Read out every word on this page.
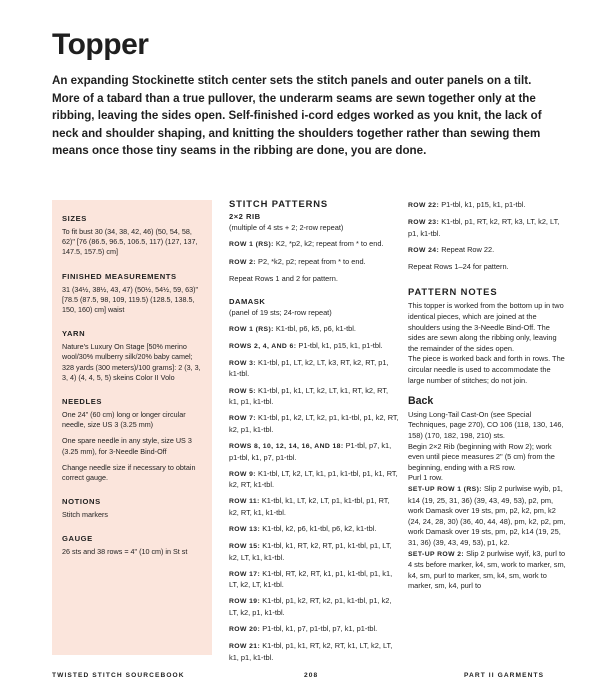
Topper
An expanding Stockinette stitch center sets the stitch panels and outer panels on a tilt. More of a tabard than a true pullover, the underarm seams are sewn together only at the ribbing, leaving the sides open. Self-finished i-cord edges worked as you knit, the lack of neck and shoulder shaping, and knitting the shoulders together rather than sewing them means once those tiny seams in the ribbing are done, you are done.
SIZES
To fit bust 30 (34, 38, 42, 46) (50, 54, 58, 62)" [76 (86.5, 96.5, 106.5, 117) (127, 137, 147.5, 157.5) cm]
FINISHED MEASUREMENTS
31 (34½, 38½, 43, 47) (50½, 54½, 59, 63)" [78.5 (87.5, 98, 109, 119.5) (128.5, 138.5, 150, 160) cm] waist
YARN
Nature's Luxury On Stage [50% merino wool/30% mulberry silk/20% baby camel; 328 yards (300 meters)/100 grams]: 2 (3, 3, 3, 4) (4, 4, 5, 5) skeins Color II Volo
NEEDLES
One 24" (60 cm) long or longer circular needle, size US 3 (3.25 mm)
One spare needle in any style, size US 3 (3.25 mm), for 3-Needle Bind-Off
Change needle size if necessary to obtain correct gauge.
NOTIONS
Stitch markers
GAUGE
26 sts and 38 rows = 4" (10 cm) in St st
STITCH PATTERNS
2×2 RIB
(multiple of 4 sts + 2; 2-row repeat)
ROW 1 (RS): K2, *p2, k2; repeat from * to end.
ROW 2: P2, *k2, p2; repeat from * to end.
Repeat Rows 1 and 2 for pattern.
DAMASK
(panel of 19 sts; 24-row repeat)
ROW 1 (RS): K1-tbl, p6, k5, p6, k1-tbl.
ROWS 2, 4, AND 6: P1-tbl, k1, p15, k1, p1-tbl.
ROW 3: K1-tbl, p1, LT, k2, LT, k3, RT, k2, RT, p1, k1-tbl.
ROW 5: K1-tbl, p1, k1, LT, k2, LT, k1, RT, k2, RT, k1, p1, k1-tbl.
ROW 7: K1-tbl, p1, k2, LT, k2, p1, k1-tbl, p1, k2, RT, k2, p1, k1-tbl.
ROWS 8, 10, 12, 14, 16, AND 18: P1-tbl, p7, k1, p1-tbl, k1, p7, p1-tbl.
ROW 9: K1-tbl, LT, k2, LT, k1, p1, k1-tbl, p1, k1, RT, k2, RT, k1-tbl.
ROW 11: K1-tbl, k1, LT, k2, LT, p1, k1-tbl, p1, RT, k2, RT, k1, k1-tbl.
ROW 13: K1-tbl, k2, p6, k1-tbl, p6, k2, k1-tbl.
ROW 15: K1-tbl, k1, RT, k2, RT, p1, k1-tbl, p1, LT, k2, LT, k1, k1-tbl.
ROW 17: K1-tbl, RT, k2, RT, k1, p1, k1-tbl, p1, k1, LT, k2, LT, k1-tbl.
ROW 19: K1-tbl, p1, k2, RT, k2, p1, k1-tbl, p1, k2, LT, k2, p1, k1-tbl.
ROW 20: P1-tbl, k1, p7, p1-tbl, p7, k1, p1-tbl.
ROW 21: K1-tbl, p1, k1, RT, k2, RT, k1, LT, k2, LT, k1, p1, k1-tbl.
ROW 22: P1-tbl, k1, p15, k1, p1-tbl.
ROW 23: K1-tbl, p1, RT, k2, RT, k3, LT, k2, LT, p1, k1-tbl.
ROW 24: Repeat Row 22.
Repeat Rows 1–24 for pattern.
PATTERN NOTES
This topper is worked from the bottom up in two identical pieces, which are joined at the shoulders using the 3-Needle Bind-Off. The sides are sewn along the ribbing only, leaving the remainder of the sides open.
The piece is worked back and forth in rows. The circular needle is used to accommodate the large number of stitches; do not join.
Back
Using Long-Tail Cast-On (see Special Techniques, page 270), CO 106 (118, 130, 146, 158) (170, 182, 198, 210) sts.
Begin 2×2 Rib (beginning with Row 2); work even until piece measures 2" (5 cm) from the beginning, ending with a RS row.
Purl 1 row.
SET-UP ROW 1 (RS): Slip 2 purlwise wyib, p1, k14 (19, 25, 31, 36) (39, 43, 49, 53), p2, pm, work Damask over 19 sts, pm, p2, k2, pm, k2 (24, 24, 28, 30) (36, 40, 44, 48), pm, k2, p2, pm, work Damask over 19 sts, pm, p2, k14 (19, 25, 31, 36) (39, 43, 49, 53), p1, k2.
SET-UP ROW 2: Slip 2 purlwise wyif, k3, purl to 4 sts before marker, k4, sm, work to marker, sm, k4, sm, purl to marker, sm, k4, sm, work to marker, sm, k4, purl to
TWISTED STITCH SOURCEBOOK	208	PART II GARMENTS
